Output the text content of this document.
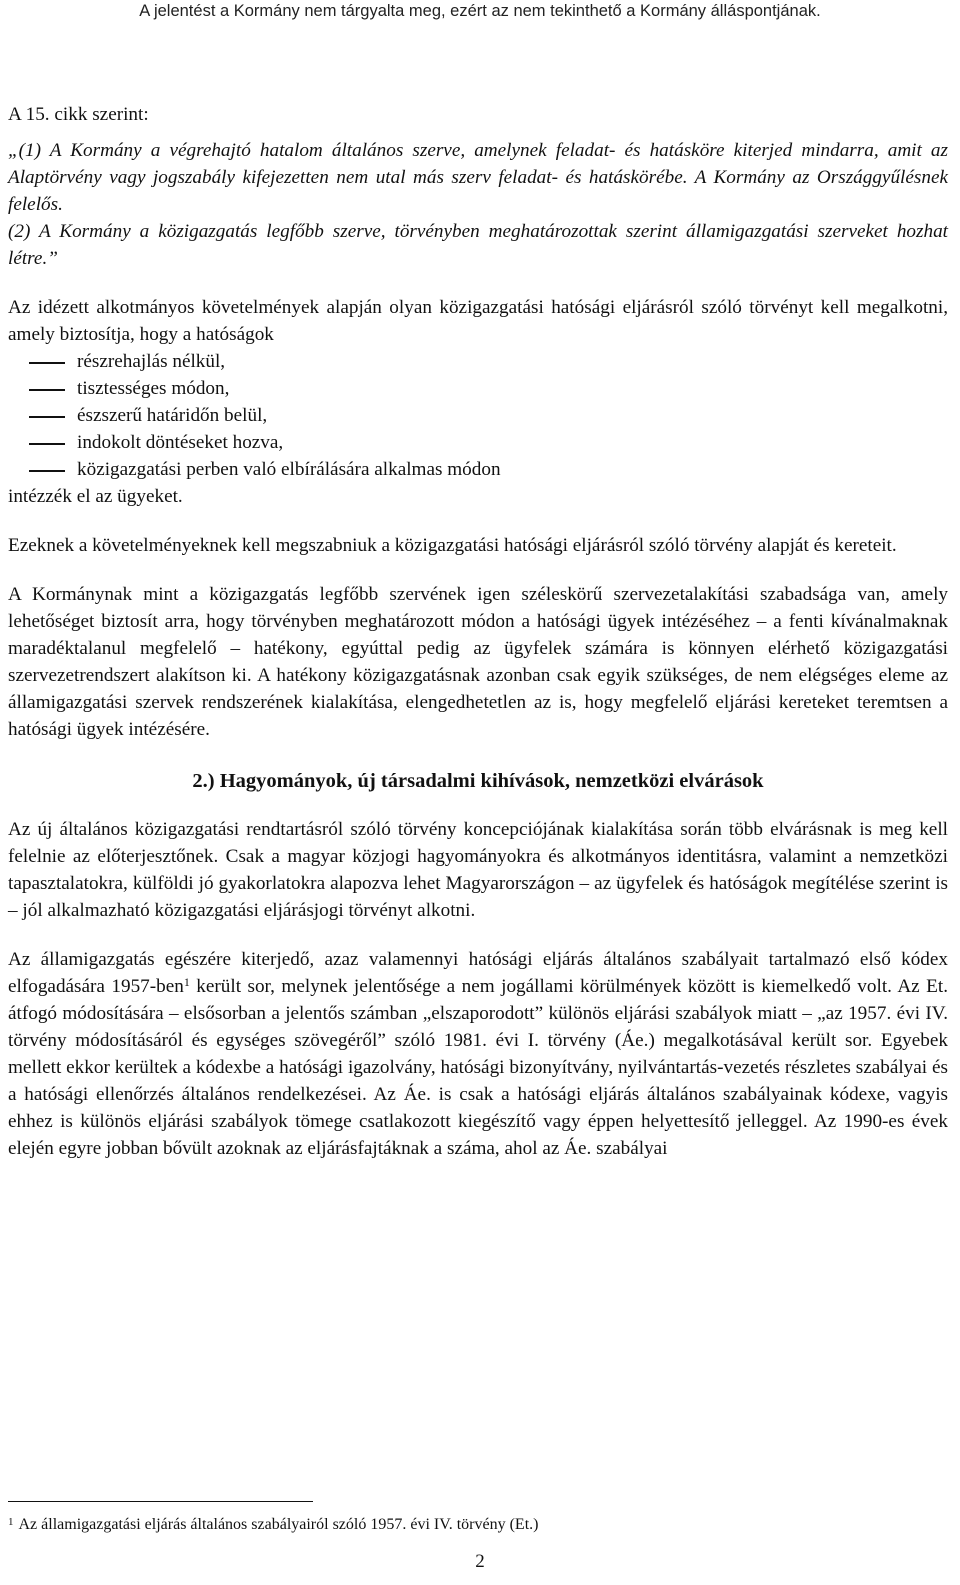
A jelentést a Kormány nem tárgyalta meg, ezért az nem tekinthető a Kormány álláspontjának.

A 15. cikk szerint:

„(1) A Kormány a végrehajtó hatalom általános szerve, amelynek feladat- és hatásköre kiterjed mindarra, amit az Alaptörvény vagy jogszabály kifejezetten nem utal más szerv feladat- és hatáskörébe. A Kormány az Országgyűlésnek felelős.

(2) A Kormány a közigazgatás legfőbb szerve, törvényben meghatározottak szerint államigazgatási szerveket hozhat létre.”

Az idézett alkotmányos követelmények alapján olyan közigazgatási hatósági eljárásról szóló törvényt kell megalkotni, amely biztosítja, hogy a hatóságok

részrehajlás nélkül,
tisztességes módon,
észszerű határidőn belül,
indokolt döntéseket hozva,
közigazgatási perben való elbírálására alkalmas módon

intézzék el az ügyeket.

Ezeknek a követelményeknek kell megszabniuk a közigazgatási hatósági eljárásról szóló törvény alapját és kereteit.

A Kormánynak mint a közigazgatás legfőbb szervének igen széleskörű szervezetalakítási szabadsága van, amely lehetőséget biztosít arra, hogy törvényben meghatározott módon a hatósági ügyek intézéséhez – a fenti kívánalmaknak maradéktalanul megfelelő – hatékony, egyúttal pedig az ügyfelek számára is könnyen elérhető közigazgatási szervezetrendszert alakítson ki. A hatékony közigazgatásnak azonban csak egyik szükséges, de nem elégséges eleme az államigazgatási szervek rendszerének kialakítása, elengedhetetlen az is, hogy megfelelő eljárási kereteket teremtsen a hatósági ügyek intézésére.

2.) Hagyományok, új társadalmi kihívások, nemzetközi elvárások

Az új általános közigazgatási rendtartásról szóló törvény koncepciójának kialakítása során több elvárásnak is meg kell felelnie az előterjesztőnek. Csak a magyar közjogi hagyományokra és alkotmányos identitásra, valamint a nemzetközi tapasztalatokra, külföldi jó gyakorlatokra alapozva lehet Magyarországon – az ügyfelek és hatóságok megítélése szerint is – jól alkalmazható közigazgatási eljárásjogi törvényt alkotni.

Az államigazgatás egészére kiterjedő, azaz valamennyi hatósági eljárás általános szabályait tartalmazó első kódex elfogadására 1957-ben$^1$ került sor, melynek jelentősége a nem jogállami körülmények között is kiemelkedő volt. Az Et. átfogó módosítására – elsősorban a jelentős számban „elszaporodott” különös eljárási szabályok miatt – „az 1957. évi IV. törvény módosításáról és egységes szövegéről” szóló 1981. évi I. törvény (Áe.) megalkotásával került sor. Egyebek mellett ekkor kerültek a kódexbe a hatósági igazolvány, hatósági bizonyítvány, nyilvántartás-vezetés részletes szabályai és a hatósági ellenőrzés általános rendelkezései. Az Áe. is csak a hatósági eljárás általános szabályainak kódexe, vagyis ehhez is különös eljárási szabályok tömege csatlakozott kiegészítő vagy éppen helyettesítő jelleggel. Az 1990-es évek elején egyre jobban bővült azoknak az eljárásfajtáknak a száma, ahol az Áe. szabályai

$^1$ Az államigazgatási eljárás általános szabályairól szóló 1957. évi IV. törvény (Et.)
2
